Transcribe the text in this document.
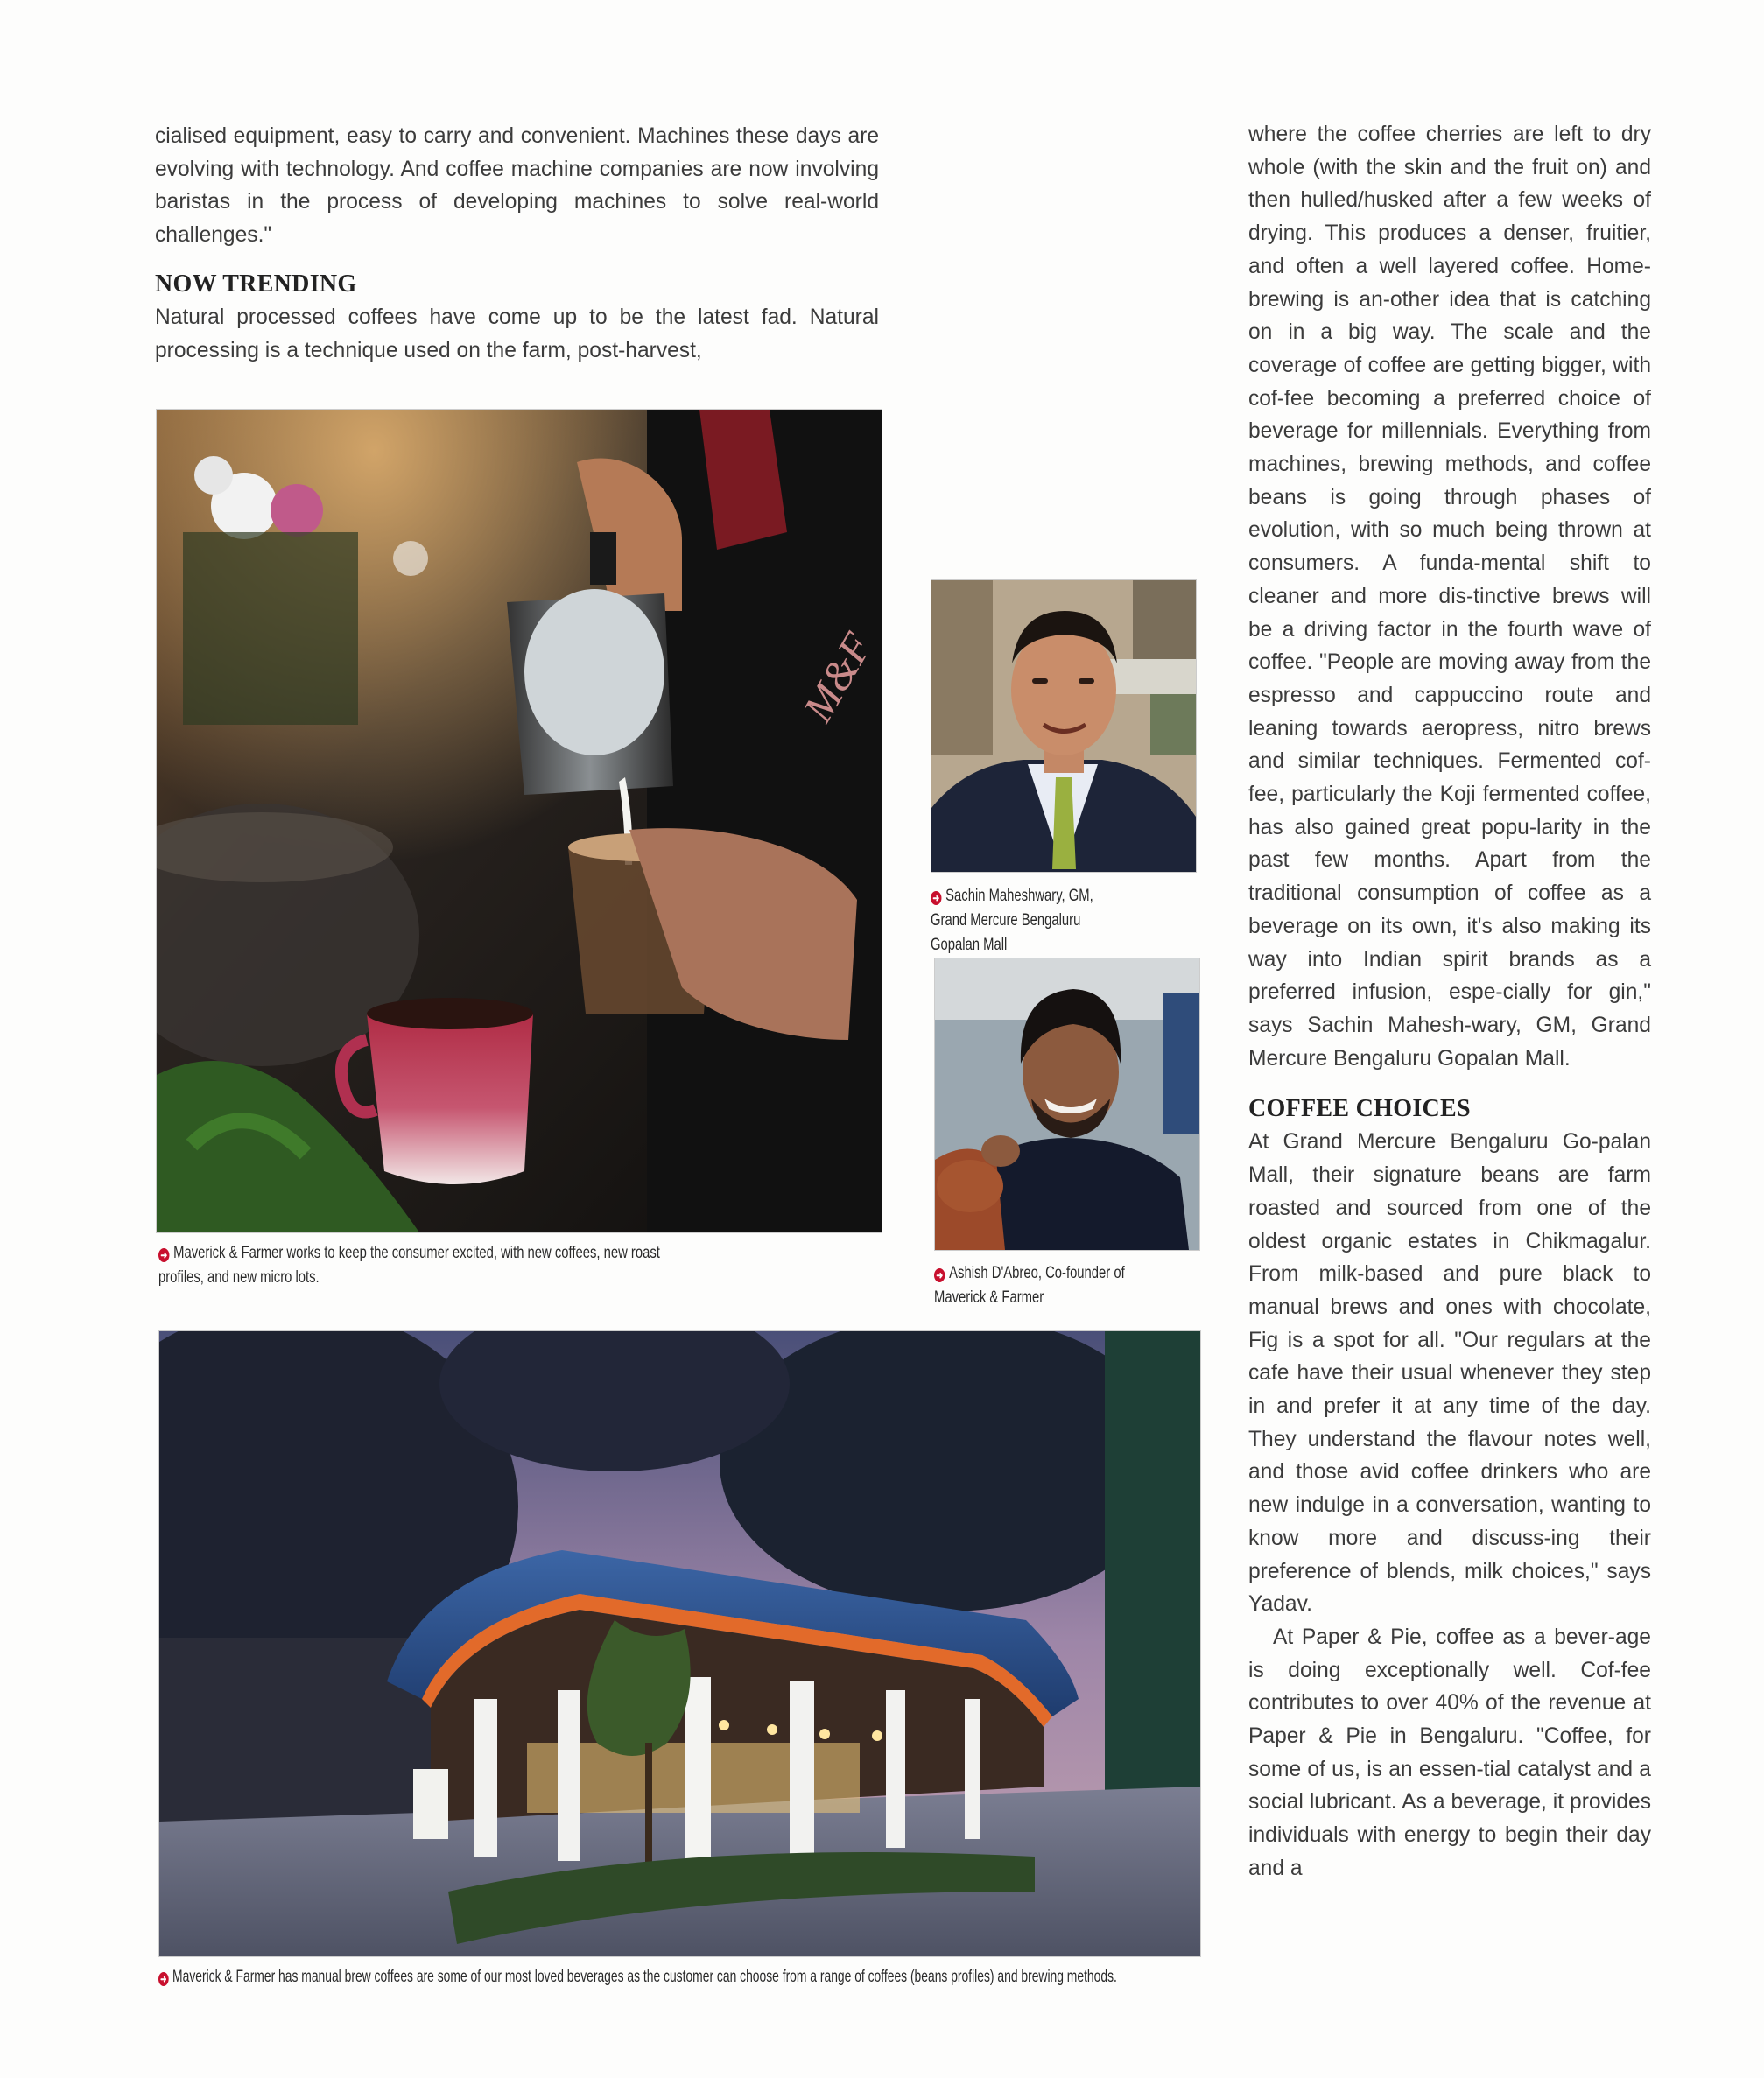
cialised equipment, easy to carry and convenient. Machines these days are evolving with technology. And coffee machine companies are now involving baristas in the process of developing machines to solve real-world challenges."

NOW TRENDING

Natural processed coffees have come up to be the latest fad. Natural processing is a technique used on the farm, post-harvest,

where the coffee cherries are left to dry whole (with the skin and the fruit on) and then hulled/husked after a few weeks of drying. This produces a denser, fruitier, and often a well layered coffee. Home-brewing is an-other idea that is catching on in a big way. The scale and the coverage of coffee are getting bigger, with cof-fee becoming a preferred choice of beverage for millennials. Everything from machines, brewing methods, and coffee beans is going through phases of evolution, with so much being thrown at consumers. A funda-mental shift to cleaner and more dis-tinctive brews will be a driving factor in the fourth wave of coffee. "People are moving away from the espresso and cappuccino route and leaning towards aeropress, nitro brews and similar techniques. Fermented cof-fee, particularly the Koji fermented coffee, has also gained great popu-larity in the past few months. Apart from the traditional consumption of coffee as a beverage on its own, it's also making its way into Indian spirit brands as a preferred infusion, espe-cially for gin," says Sachin Mahesh-wary, GM, Grand Mercure Bengaluru Gopalan Mall.

COFFEE CHOICES

At Grand Mercure Bengaluru Go-palan Mall, their signature beans are farm roasted and sourced from one of the oldest organic estates in Chikmagalur. From milk-based and pure black to manual brews and ones with chocolate, Fig is a spot for all. "Our regulars at the cafe have their usual whenever they step in and prefer it at any time of the day. They understand the flavour notes well, and those avid coffee drinkers who are new indulge in a conversation, wanting to know more and discuss-ing their preference of blends, milk choices," says Yadav.

At Paper & Pie, coffee as a bever-age is doing exceptionally well. Cof-fee contributes to over 40% of the revenue at Paper & Pie in Bengaluru. "Coffee, for some of us, is an essen-tial catalyst and a social lubricant. As a beverage, it provides individuals with energy to begin their day and a

M&F
➜ Maverick & Farmer works to keep the consumer excited, with new coffees, new roast profiles, and new micro lots.
➜ Sachin Maheshwary, GM, Grand Mercure Bengaluru Gopalan Mall
➜ Ashish D'Abreo, Co-founder of Maverick & Farmer
➜ Maverick & Farmer has manual brew coffees are some of our most loved beverages as the customer can choose from a range of coffees (beans profiles) and brewing methods.
